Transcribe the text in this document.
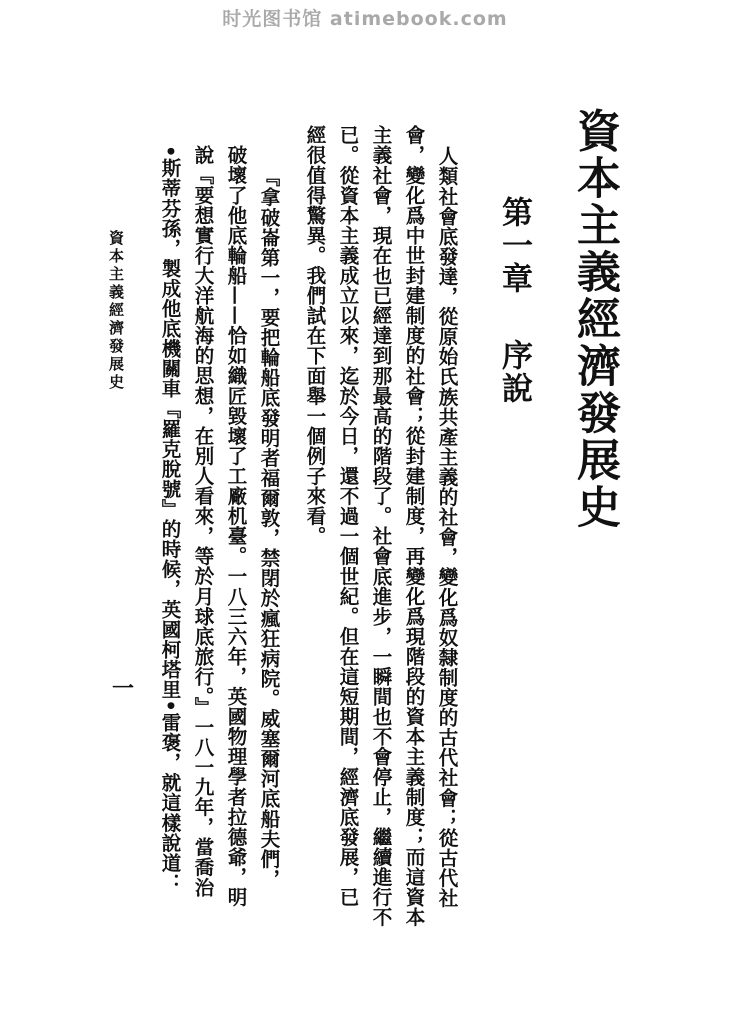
时光图书馆 atimebook.com
資本主義經濟發展史
第一章序說
人類社會底發達，從原始氏族共產主義的社會，變化爲奴隸制度的古代社會；從古代社
會，變化爲中世封建制度的社會；從封建制度，再變化爲現階段的資本主義制度；而這資本
主義社會，現在也已經達到那最高的階段了。社會底進步，一瞬間也不會停止，繼續進行不
已。從資本主義成立以來，迄於今日，還不過一個世紀。但在這短期間，經濟底發展，已
經很值得驚異。我們試在下面舉一個例子來看。
『拿破崙第一，要把輪船底發明者福爾敦，禁閉於瘋狂病院。威塞爾河底船夫們，
破壞了他底輪船——恰如織匠毀壞了工廠机臺。一八三六年，英國物理學者拉德爺，明
說『要想實行大洋航海的思想，在別人看來，等於月球底旅行。』一八一九年，當喬治
•斯蒂芬孫，製成他底機關車『羅克脫號』的時候，英國柯塔里•雷褒，就這樣說道：
資本主義經濟發展史
一
